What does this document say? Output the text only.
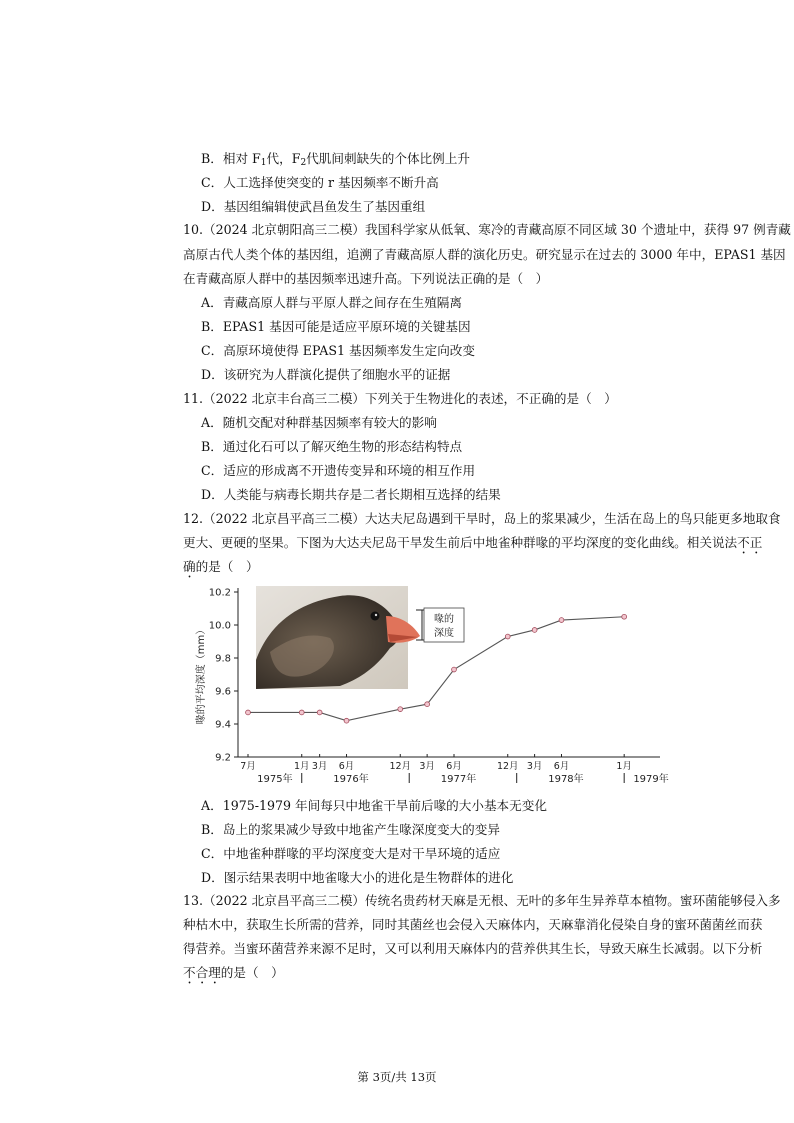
B．相对 $F_1$代，$F_2$代肌间刺缺失的个体比例上升
C．人工选择使突变的 r 基因频率不断升高
D．基因组编辑使武昌鱼发生了基因重组
10.（2024 北京朝阳高三二模）我国科学家从低氧、寒冷的青藏高原不同区域 30 个遗址中，获得 97 例青藏
高原古代人类个体的基因组，追溯了青藏高原人群的演化历史。研究显示在过去的 3000 年中，EPAS1 基因
在青藏高原人群中的基因频率迅速升高。下列说法正确的是（　）
A．青藏高原人群与平原人群之间存在生殖隔离
B．EPAS1 基因可能是适应平原环境的关键基因
C．高原环境使得 EPAS1 基因频率发生定向改变
D．该研究为人群演化提供了细胞水平的证据
11.（2022 北京丰台高三二模）下列关于生物进化的表述，不正确的是（　）
A．随机交配对种群基因频率有较大的影响
B．通过化石可以了解灭绝生物的形态结构特点
C．适应的形成离不开遗传变异和环境的相互作用
D．人类能与病毒长期共存是二者长期相互选择的结果
12.（2022 北京昌平高三二模）大达夫尼岛遇到干旱时，岛上的浆果减少，生活在岛上的鸟只能更多地取食
更大、更硬的坚果。下图为大达夫尼岛干旱发生前后中地雀种群喙的平均深度的变化曲线。相关说法不正
确的是（　）
9.2
9.4
9.6
9.8
10.0
10.2
喙的平均深度（mm）
7月	1月 3月 6月	12月 3月 6月	12月 3月 6月	1月
1975年	1976年	1977年	1978年	1979年
喙的
深度
A．1975-1979 年间每只中地雀干旱前后喙的大小基本无变化
B．岛上的浆果减少导致中地雀产生喙深度变大的变异
C．中地雀种群喙的平均深度变大是对干旱环境的适应
D．图示结果表明中地雀喙大小的进化是生物群体的进化
13.（2022 北京昌平高三二模）传统名贵药材天麻是无根、无叶的多年生异养草本植物。蜜环菌能够侵入多
种枯木中，获取生长所需的营养，同时其菌丝也会侵入天麻体内，天麻靠消化侵染自身的蜜环菌菌丝而获
得营养。当蜜环菌营养来源不足时，又可以利用天麻体内的营养供其生长，导致天麻生长减弱。以下分析
不合理的是（　）
第 3页/共 13页
